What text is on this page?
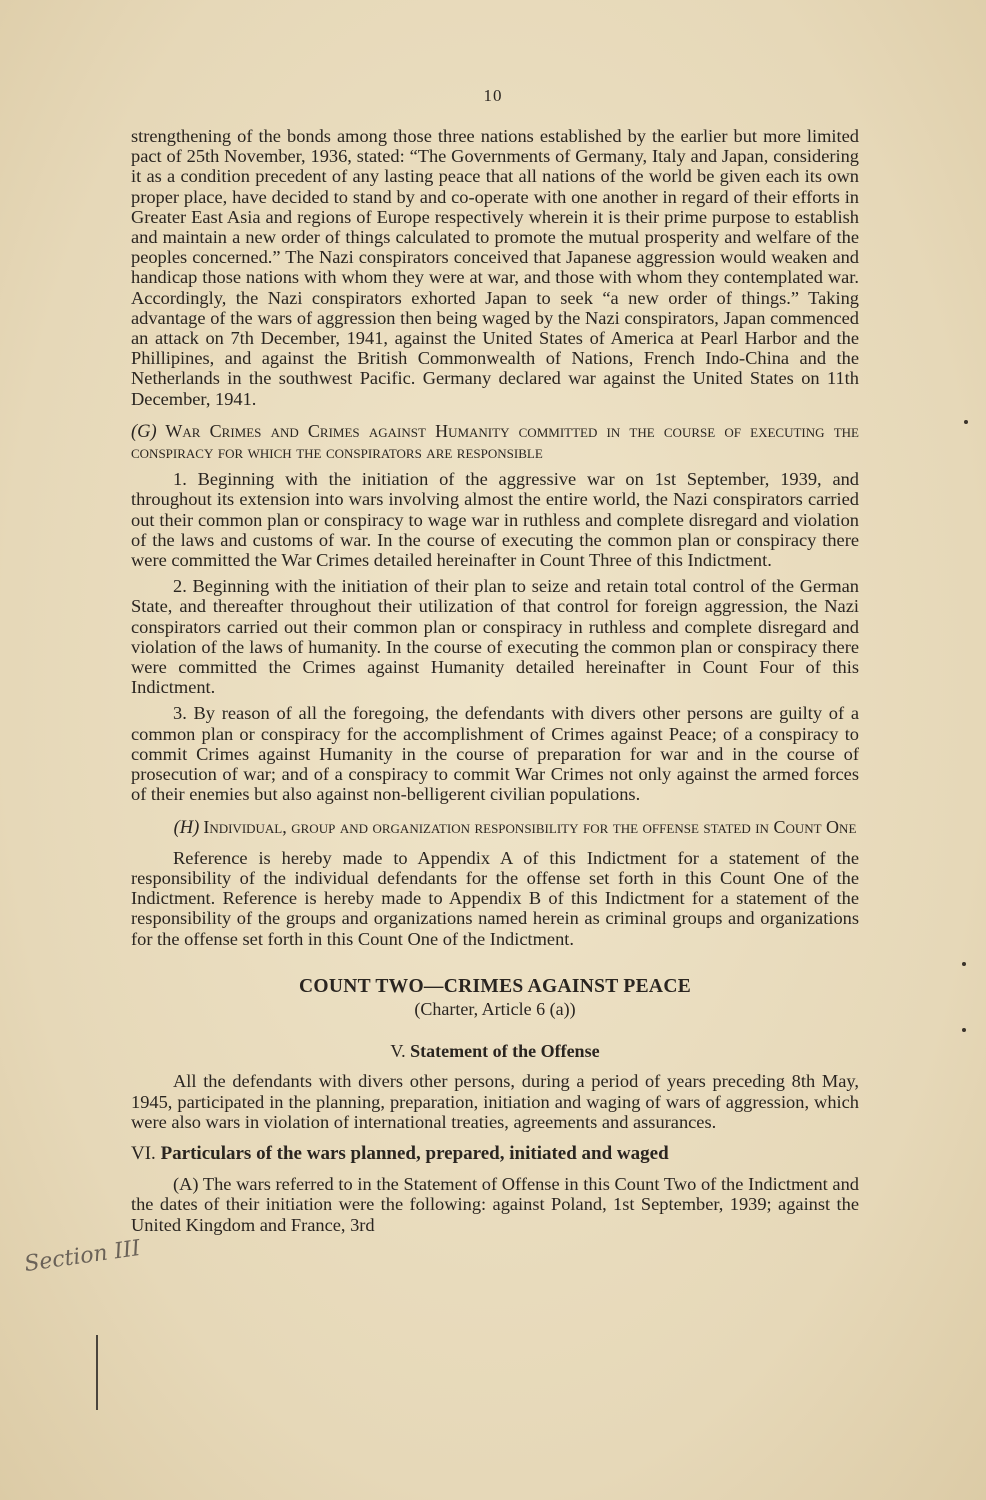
10

strengthening of the bonds among those three nations established by the earlier but more limited pact of 25th November, 1936, stated: “The Governments of Germany, Italy and Japan, considering it as a condition precedent of any lasting peace that all nations of the world be given each its own proper place, have decided to stand by and co-operate with one another in regard of their efforts in Greater East Asia and regions of Europe respectively wherein it is their prime purpose to establish and maintain a new order of things calculated to promote the mutual prosperity and welfare of the peoples concerned.” The Nazi conspirators conceived that Japanese aggression would weaken and handicap those nations with whom they were at war, and those with whom they contemplated war. Accordingly, the Nazi conspirators exhorted Japan to seek “a new order of things.” Taking advantage of the wars of aggression then being waged by the Nazi conspirators, Japan commenced an attack on 7th December, 1941, against the United States of America at Pearl Harbor and the Phillipines, and against the British Commonwealth of Nations, French Indo-China and the Netherlands in the southwest Pacific. Germany declared war against the United States on 11th December, 1941.

(G) War Crimes and Crimes against Humanity committed in the course of executing the conspiracy for which the conspirators are responsible

1. Beginning with the initiation of the aggressive war on 1st September, 1939, and throughout its extension into wars involving almost the entire world, the Nazi conspirators carried out their common plan or conspiracy to wage war in ruthless and complete disregard and violation of the laws and customs of war. In the course of executing the common plan or conspiracy there were committed the War Crimes detailed hereinafter in Count Three of this Indictment.

2. Beginning with the initiation of their plan to seize and retain total control of the German State, and thereafter throughout their utilization of that control for foreign aggression, the Nazi conspirators carried out their common plan or conspiracy in ruthless and complete disregard and violation of the laws of humanity. In the course of executing the common plan or conspiracy there were committed the Crimes against Humanity detailed hereinafter in Count Four of this Indictment.

3. By reason of all the foregoing, the defendants with divers other persons are guilty of a common plan or conspiracy for the accomplishment of Crimes against Peace; of a conspiracy to commit Crimes against Humanity in the course of preparation for war and in the course of prosecution of war; and of a conspiracy to commit War Crimes not only against the armed forces of their enemies but also against non-belligerent civilian populations.

(H) Individual, group and organization responsibility for the offense stated in Count One

Reference is hereby made to Appendix A of this Indictment for a statement of the responsibility of the individual defendants for the offense set forth in this Count One of the Indictment. Reference is hereby made to Appendix B of this Indictment for a statement of the responsibility of the groups and organizations named herein as criminal groups and organizations for the offense set forth in this Count One of the Indictment.

COUNT TWO—CRIMES AGAINST PEACE

(Charter, Article 6 (a))

V. Statement of the Offense

All the defendants with divers other persons, during a period of years preceding 8th May, 1945, participated in the planning, preparation, initiation and waging of wars of aggression, which were also wars in violation of international treaties, agreements and assurances.

VI. Particulars of the wars planned, prepared, initiated and waged

(A) The wars referred to in the Statement of Offense in this Count Two of the Indictment and the dates of their initiation were the following: against Poland, 1st September, 1939; against the United Kingdom and France, 3rd

Section III
